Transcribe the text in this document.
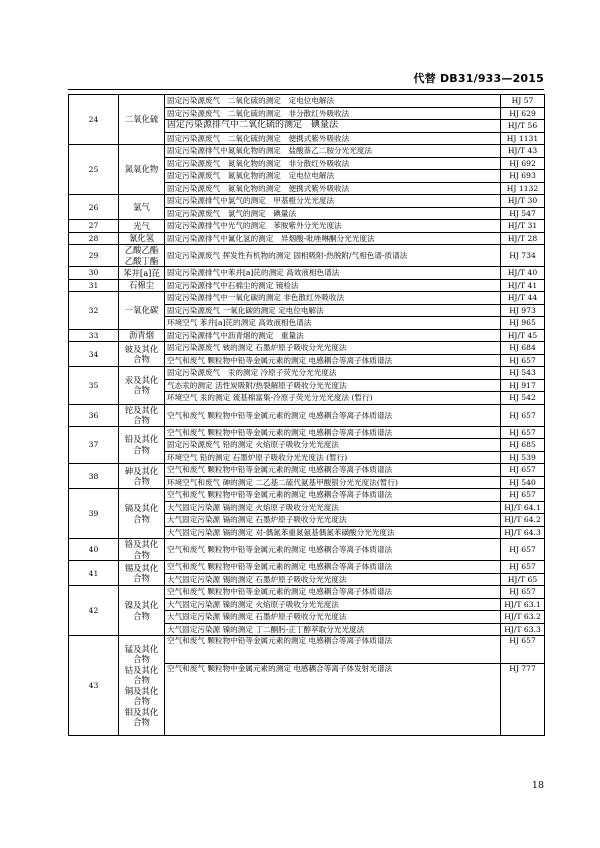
代替 DB31/933—2015
24	二氧化硫	固定污染源废气　二氧化硫的测定　定电位电解法	HJ 57
		固定污染源废气　二氧化硫的测定　非分散红外吸收法	HJ 629
		固定污染源排气中二氧化硫的测定　碘量法	HJ/T 56
		固定污染源废气　二氧化硫的测定　便携式紫外吸收法	HJ 1131
25	氮氧化物	固定污染源排气中氮氧化物的测定　盐酸萘乙二胺分光光度法	HJ/T 43
		固定污染源废气　氮氧化物的测定　非分散红外吸收法	HJ 692
		固定污染源废气　氮氧化物的测定　定电位电解法	HJ 693
		固定污染源废气　氮氧化物的测定　便携式紫外吸收法	HJ 1132
26	氯气	固定污染源排气中氯气的测定　甲基橙分光光度法	HJ/T 30
		固定污染源废气　氯气的测定　碘量法	HJ 547
27	光气	固定污染源排气中光气的测定　苯胺紫外分光光度法	HJ/T 31
28	氰化氢	固定污染源排气中氰化氢的测定　异烟酸-吡唑啉酮分光光度法	HJ/T 28
29	乙酸乙酯
乙酸丁酯	固定污染源废气 挥发性有机物的测定 固相吸附-热脱附/气相色谱-质谱法	HJ 734
30	苯并[a]芘	固定污染源排气中苯并[a]芘的测定 高效液相色谱法	HJ/T 40
31	石棉尘	固定污染源排气中石棉尘的测定 镜检法	HJ/T 41
32	一氧化碳	固定污染源排气中一氧化碳的测定 非色散红外吸收法	HJ/T 44
		固定污染源废气 一氧化碳的测定 定电位电解法	HJ 973
		环境空气 苯并[a]芘的测定 高效液相色谱法	HJ 965
33	沥青烟	固定污染源排气中沥青烟的测定　重量法	HJ/T 45
34	铍及其化合物	固定污染源废气 铍的测定 石墨炉原子吸收分光光度法	HJ 684
		空气和废气 颗粒物中铅等金属元素的测定 电感耦合等离子体质谱法	HJ 657
35	汞及其化合物	固定污染源废气　汞的测定 冷原子荧光分光光度法	HJ 543
		气态汞的测定 活性炭吸附/热裂解原子吸收分光光度法	HJ 917
		环境空气 汞的测定 巯基棉富集-冷原子荧光分光光度法 (暂行)	HJ 542
36	铊及其化合物	空气和废气 颗粒物中铅等金属元素的测定 电感耦合等离子体质谱法	HJ 657
37	铅及其化合物	空气和废气 颗粒物中铅等金属元素的测定 电感耦合等离子体质谱法	HJ 657
		固定污染源废气 铅的测定 火焰原子吸收分光光度法	HJ 685
		环境空气 铅的测定 石墨炉原子吸收分光光度法 (暂行)	HJ 539
38	砷及其化合物	空气和废气 颗粒物中铅等金属元素的测定 电感耦合等离子体质谱法	HJ 657
		环境空气和废气 砷的测定 二乙基二硫代氨基甲酸银分光光度法(暂行)	HJ 540
39	镉及其化合物	空气和废气 颗粒物中铅等金属元素的测定 电感耦合等离子体质谱法	HJ 657
		大气固定污染源 镉的测定 火焰原子吸收分光光度法	HJ/T 64.1
		大气固定污染源 镉的测定 石墨炉原子吸收分光光度法	HJ/T 64.2
		大气固定污染源 镉的测定 对-偶氮苯重氮氨基偶氮苯磺酸分光光度法	HJ/T 64.3
40	铬及其化合物	空气和废气 颗粒物中铅等金属元素的测定 电感耦合等离子体质谱法	HJ 657
41	锡及其化合物	空气和废气 颗粒物中铅等金属元素的测定 电感耦合等离子体质谱法	HJ 657
		大气固定污染源 锡的测定 石墨炉原子吸收分光光度法	HJ/T 65
42	镍及其化合物	空气和废气 颗粒物中铅等金属元素的测定 电感耦合等离子体质谱法	HJ 657
		大气固定污染源 镍的测定 火焰原子吸收分光光度法	HJ/T 63.1
		大气固定污染源 镍的测定 石墨炉原子吸收分光光度法	HJ/T 63.2
		大气固定污染源 镍的测定 丁二酮肟-正丁醇萃取分光光度法	HJ/T 63.3
43	锰及其化合物
钴及其化合物
铜及其化合物
钼及其化合物	空气和废气 颗粒物中铅等金属元素的测定 电感耦合等离子体质谱法	HJ 657
		空气和废气 颗粒物中金属元素的测定 电感耦合等离子体发射光谱法	HJ 777
18
